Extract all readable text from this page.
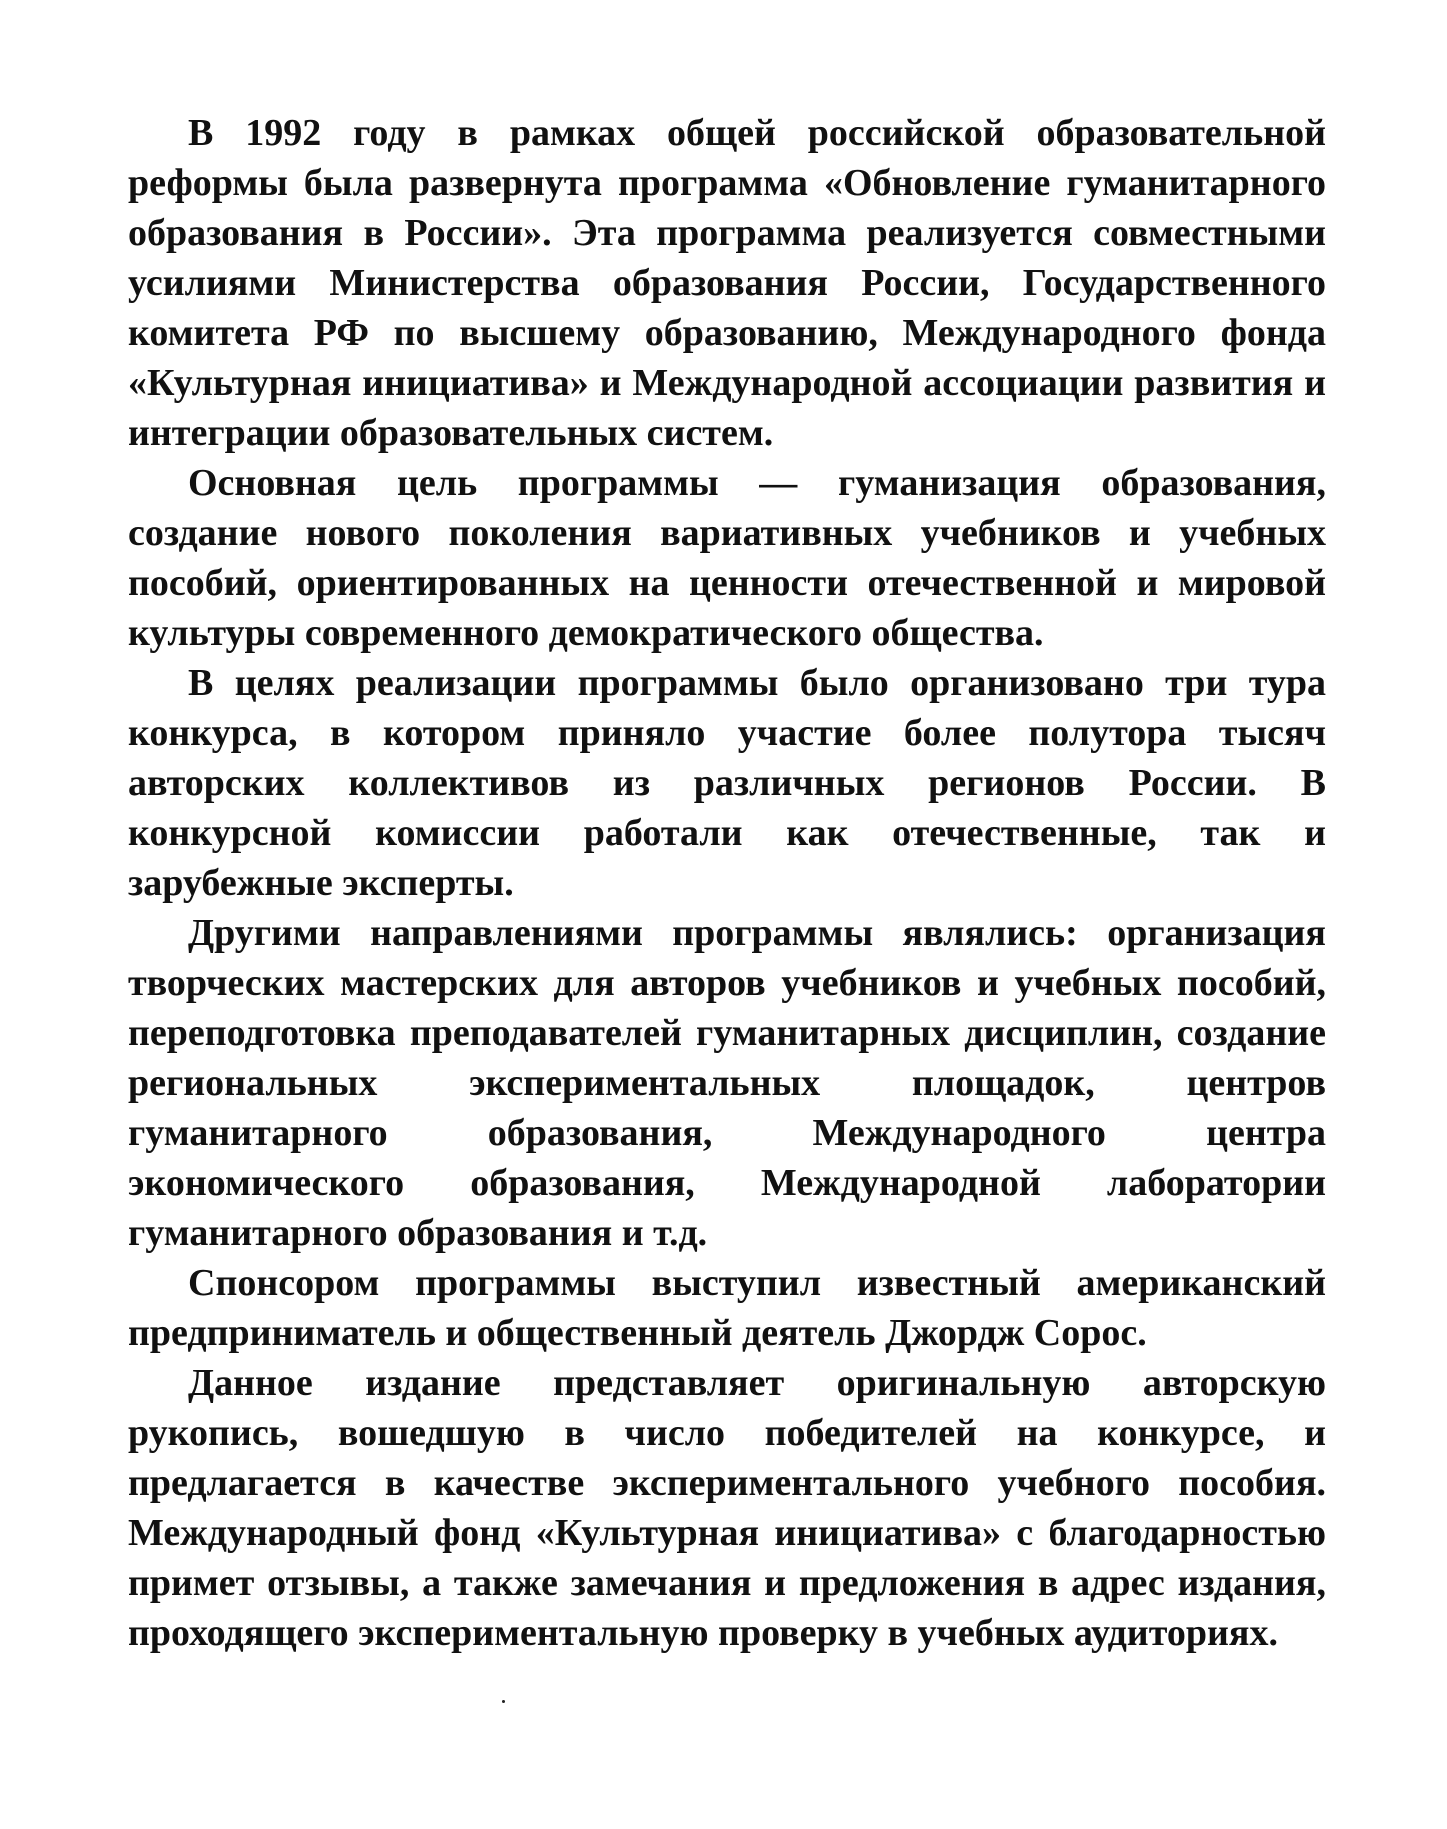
В 1992 году в рамках общей российской образовательной реформы была развернута программа «Обновление гуманитарного образования в России». Эта программа реализуется совместными усилиями Министерства образования России, Государственного комитета РФ по высшему образованию, Международного фонда «Культурная инициатива» и Международной ассоциации развития и интеграции образовательных систем.

Основная цель программы — гуманизация образования, создание нового поколения вариативных учебников и учебных пособий, ориентированных на ценности отечественной и мировой культуры современного демократического общества.

В целях реализации программы было организовано три тура конкурса, в котором приняло участие более полутора тысяч авторских коллективов из различных регионов России. В конкурсной комиссии работали как отечественные, так и зарубежные эксперты.

Другими направлениями программы являлись: организация творческих мастерских для авторов учебников и учебных пособий, переподготовка преподавателей гуманитарных дисциплин, создание региональных экспериментальных площадок, центров гуманитарного образования, Международного центра экономического образования, Международной лаборатории гуманитарного образования и т.д.

Спонсором программы выступил известный американский предприниматель и общественный деятель Джордж Сорос.

Данное издание представляет оригинальную авторскую рукопись, вошедшую в число победителей на конкурсе, и предлагается в качестве экспериментального учебного пособия. Международный фонд «Культурная инициатива» с благодарностью примет отзывы, а также замечания и предложения в адрес издания, проходящего экспериментальную проверку в учебных аудиториях.
